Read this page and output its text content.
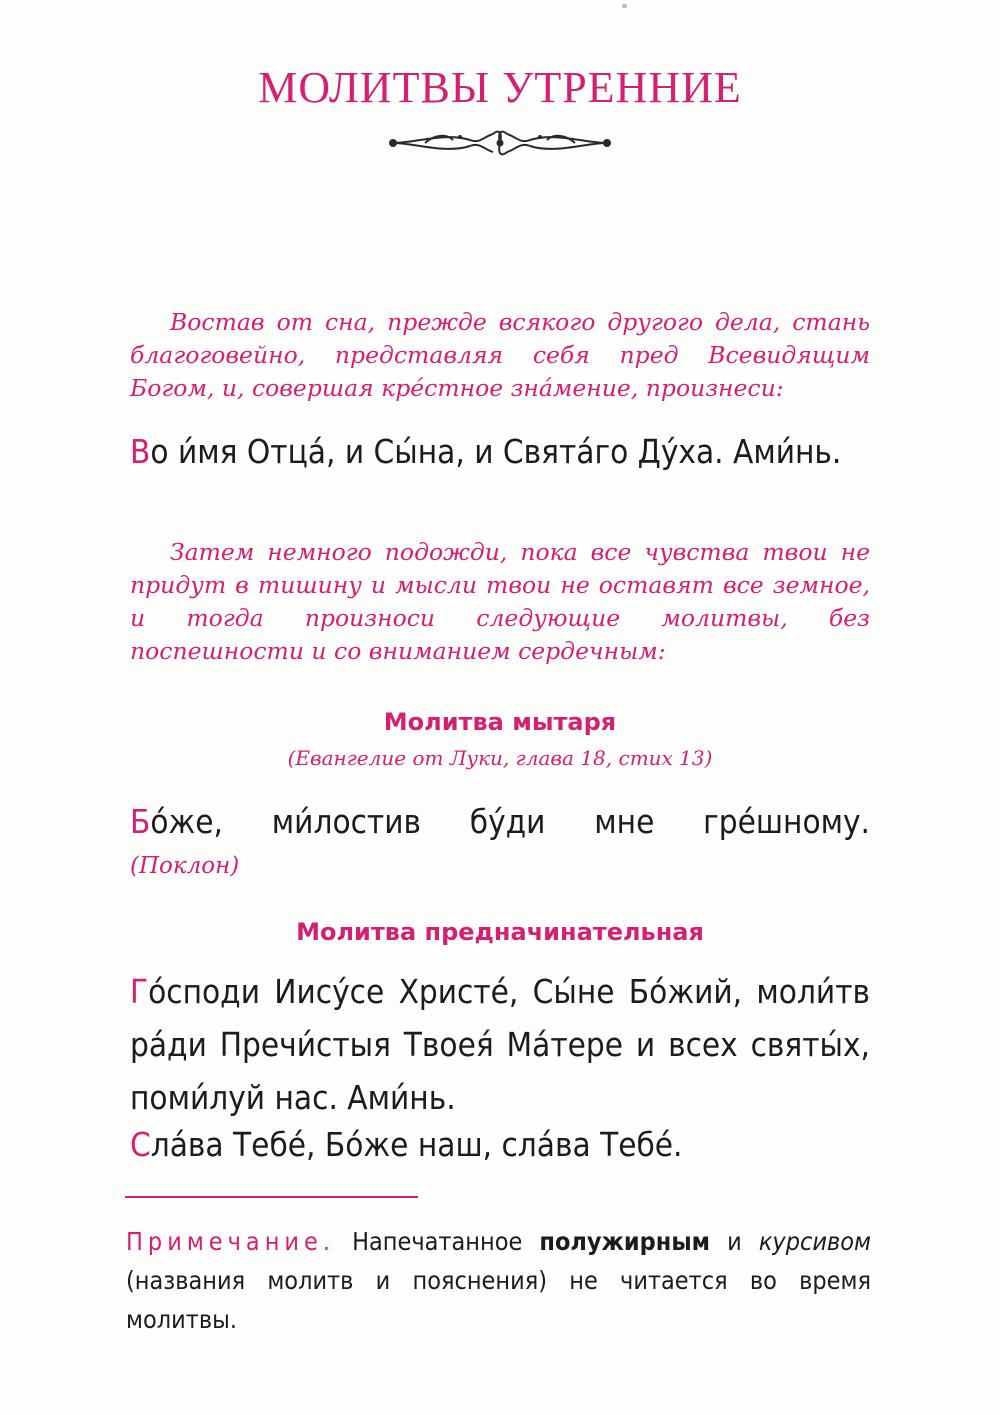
МОЛИТВЫ УТРЕННИЕ

Востав от сна, прежде всякого другого дела, стань благоговейно, представляя себя пред Всевидящим Богом, и, совершая крéстное знáмение, произнеси:

Во и́мя Отцá, и Сы́на, и Святáго Дýха. Ами́нь.

Затем немного подожди, пока все чувства твои не придут в тишину и мысли твои не оставят все земное, и тогда произноси следующие молитвы, без поспешности и со вниманием сердечным:

Молитва мытаря

(Евангелие от Луки, глава 18, стих 13)

Бóже, ми́лостив бýди мне грéшному.

(Поклон)

Молитва предначинательная

Гóсподи Иисýсе Христé, Сы́не Бóжий, моли́тв рáди Пречи́стыя Твоея́ Мáтере и всех святы́х, поми́луй нас. Ами́нь.

Слáва Тебé, Бóже наш, слáва Тебé.

Примечание. Напечатанное полужирным и курсивом (названия молитв и пояснения) не читается во время молитвы.
